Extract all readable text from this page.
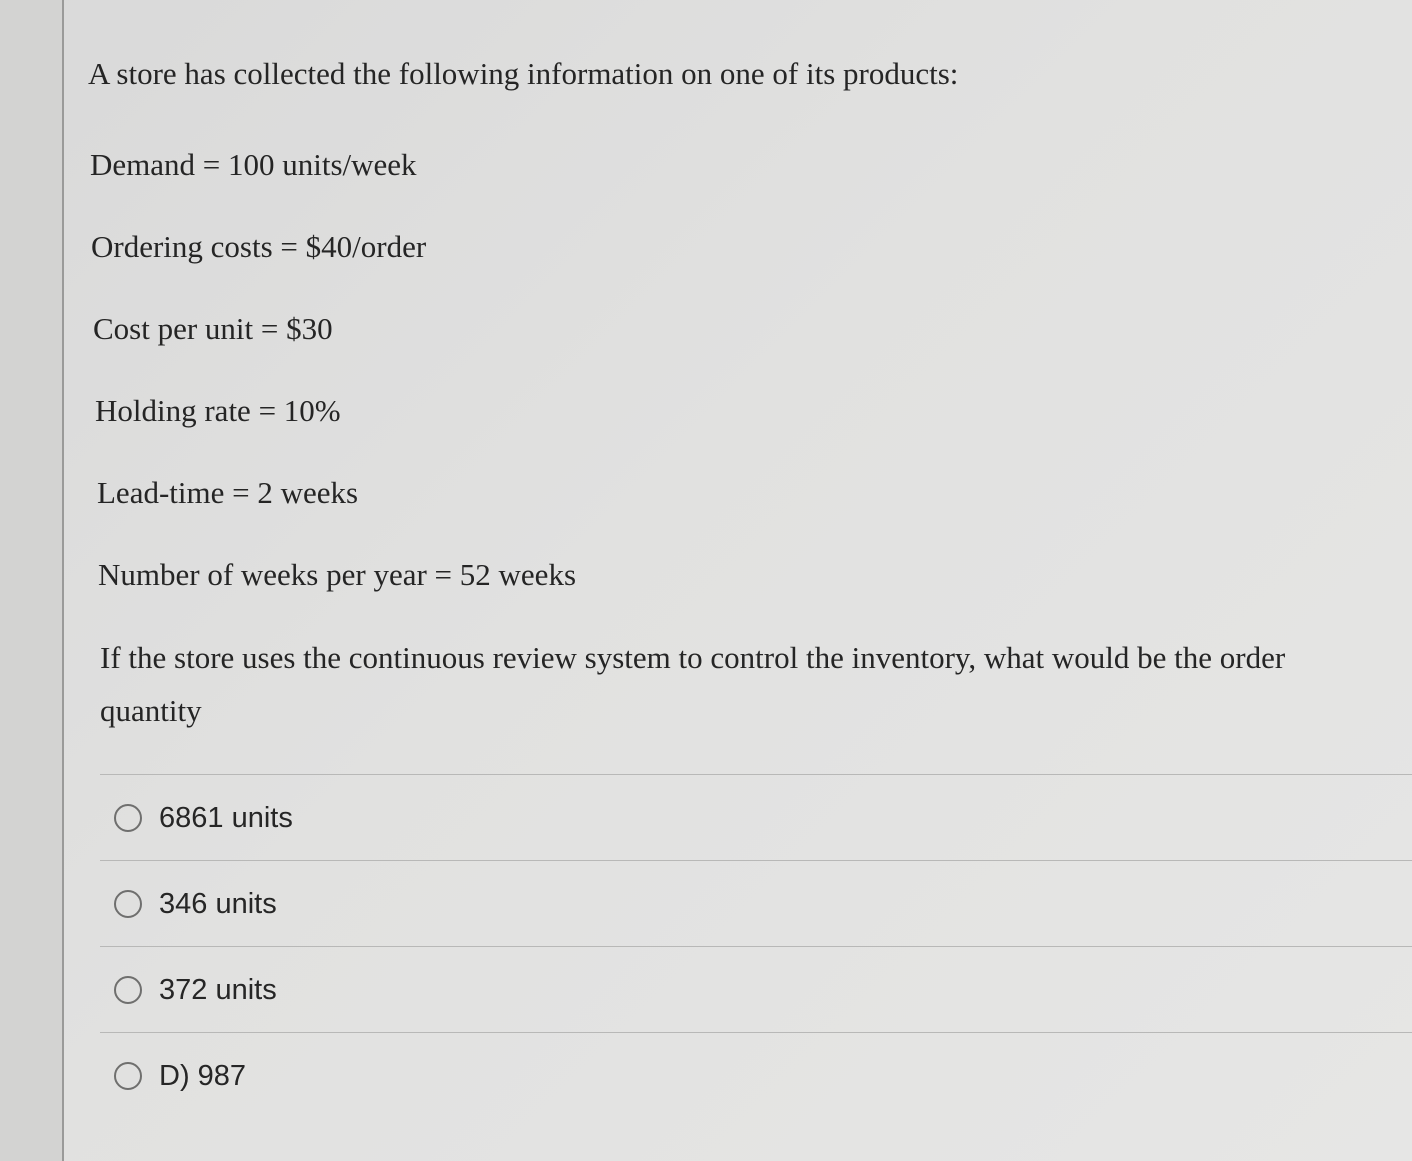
A store has collected the following information on one of its products:

Demand = 100 units/week
Ordering costs = $40/order
Cost per unit = $30
Holding rate = 10%
Lead-time = 2 weeks
Number of weeks per year = 52 weeks

If the store uses the continuous review system to control the inventory, what would be the order quantity

6861 units
346 units
372 units
D) 987
